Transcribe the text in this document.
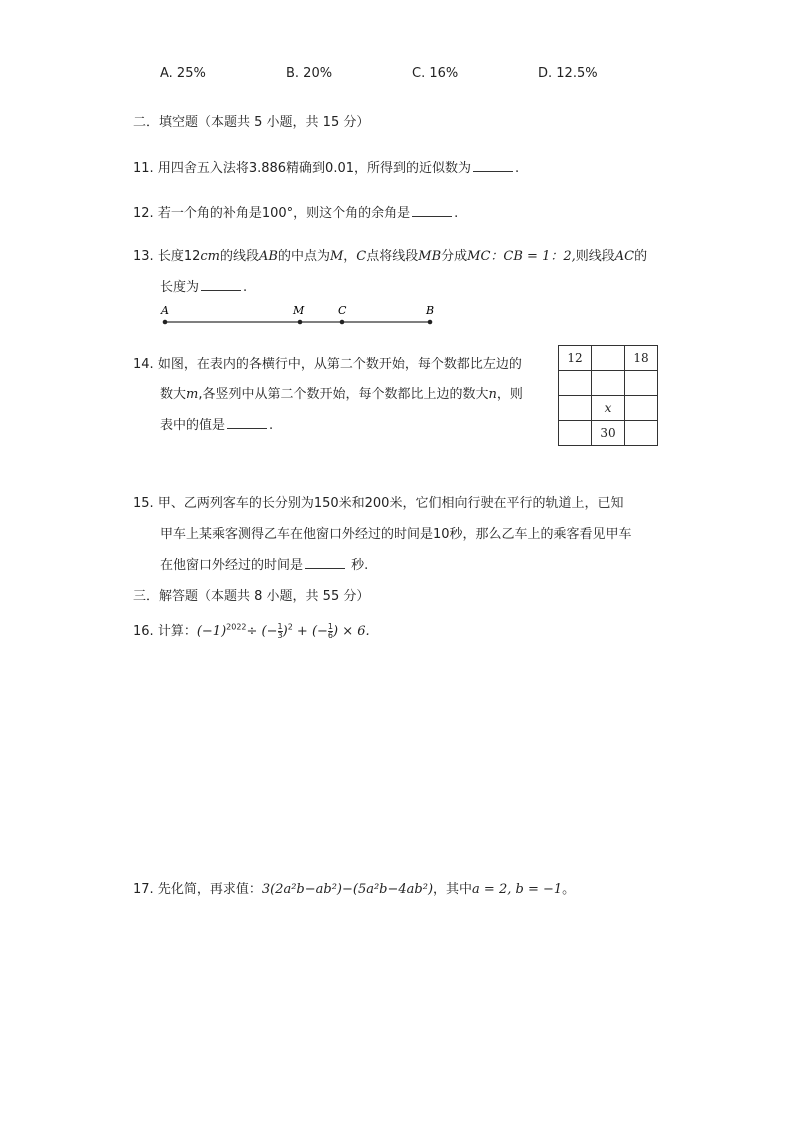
A. 25%	B. 20%	C. 16%	D. 12.5%
二．填空题（本题共 5 小题，共 15 分）
11. 用四舍五入法将3.886精确到0.01，所得到的近似数为	.
12. 若一个角的补角是100°，则这个角的余角是	.
13. 长度12cm的线段AB的中点为M，C点将线段MB分成MC：CB = 1：2,则线段AC的
长度为	.
A	M	C	B
14. 如图，在表内的各横行中，从第二个数开始，每个数都比左边的
数大m,各竖列中从第二个数开始，每个数都比上边的数大n，则
表中的值是	.
12		18

	x	
	30	
15. 甲、乙两列客车的长分别为150米和200米，它们相向行驶在平行的轨道上，已知
甲车上某乘客测得乙车在他窗口外经过的时间是10秒，那么乙车上的乘客看见甲车
在他窗口外经过的时间是	秒.
三．解答题（本题共 8 小题，共 55 分）
16. 计算：$(-1)^{2022}\div$ (− $\frac{1}{3} )^2$ + (− $\frac{1}{6}$ ) × 6.
17. 先化简，再求值：3(2a²b−ab²)−(5a²b−4ab²)，其中a = 2, b = −1。
